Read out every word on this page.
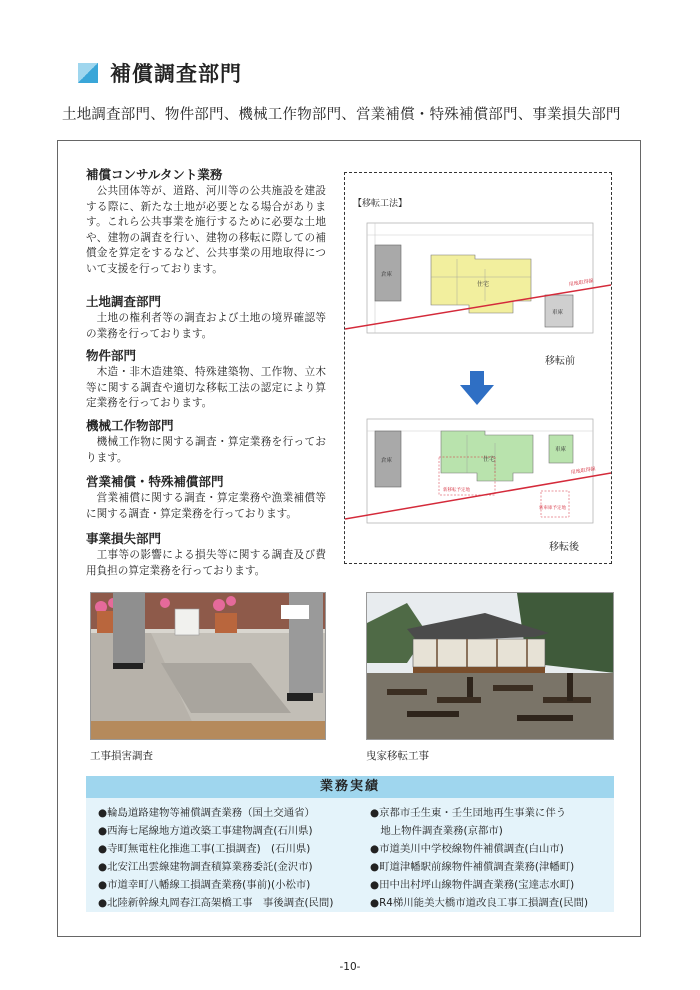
補償調査部門
土地調査部門、物件部門、機械工作物部門、営業補償・特殊補償部門、事業損失部門
補償コンサルタント業務
公共団体等が、道路、河川等の公共施設を建設する際に、新たな土地が必要となる場合があります。これら公共事業を施行するために必要な土地や、建物の調査を行い、建物の移転に際しての補償金を算定をするなど、公共事業の用地取得について支援を行っております。
土地調査部門
土地の権利者等の調査および土地の境界確認等の業務を行っております。
物件部門
木造・非木造建築、特殊建築物、工作物、立木等に関する調査や適切な移転工法の認定により算定業務を行っております。
機械工作物部門
機械工作物に関する調査・算定業務を行っております。
営業補償・特殊補償部門
営業補償に関する調査・算定業務や漁業補償等に関する調査・算定業務を行っております。
事業損失部門
工事等の影響による損失等に関する調査及び費用負担の算定業務を行っております。
【移転工法】
倉庫
住宅
車庫
用地取得線
移転前
倉庫	住宅
車庫
用地取得線
新移転予定地
新車庫予定地
移転後
工事損害調査	曳家移転工事
業務実績
●輪島道路建物等補償調査業務（国土交通省）
●西海七尾線地方道改築工事建物調査(石川県)
●寺町無電柱化推進工事(工損調査)　(石川県)
●北安江出雲線建物調査積算業務委託(金沢市)
●市道幸町八幡線工損調査業務(事前)(小松市)
●北陸新幹線丸岡春江高架橋工事　事後調査(民間)
●京都市壬生東・壬生団地再生事業に伴う
　地上物件調査業務(京都市)
●市道美川中学校線物件補償調査(白山市)
●町道津幡駅前線物件補償調査業務(津幡町)
●田中出村坪山線物件調査業務(宝達志水町)
●R4梯川能美大橋市道改良工事工損調査(民間)
-10-
